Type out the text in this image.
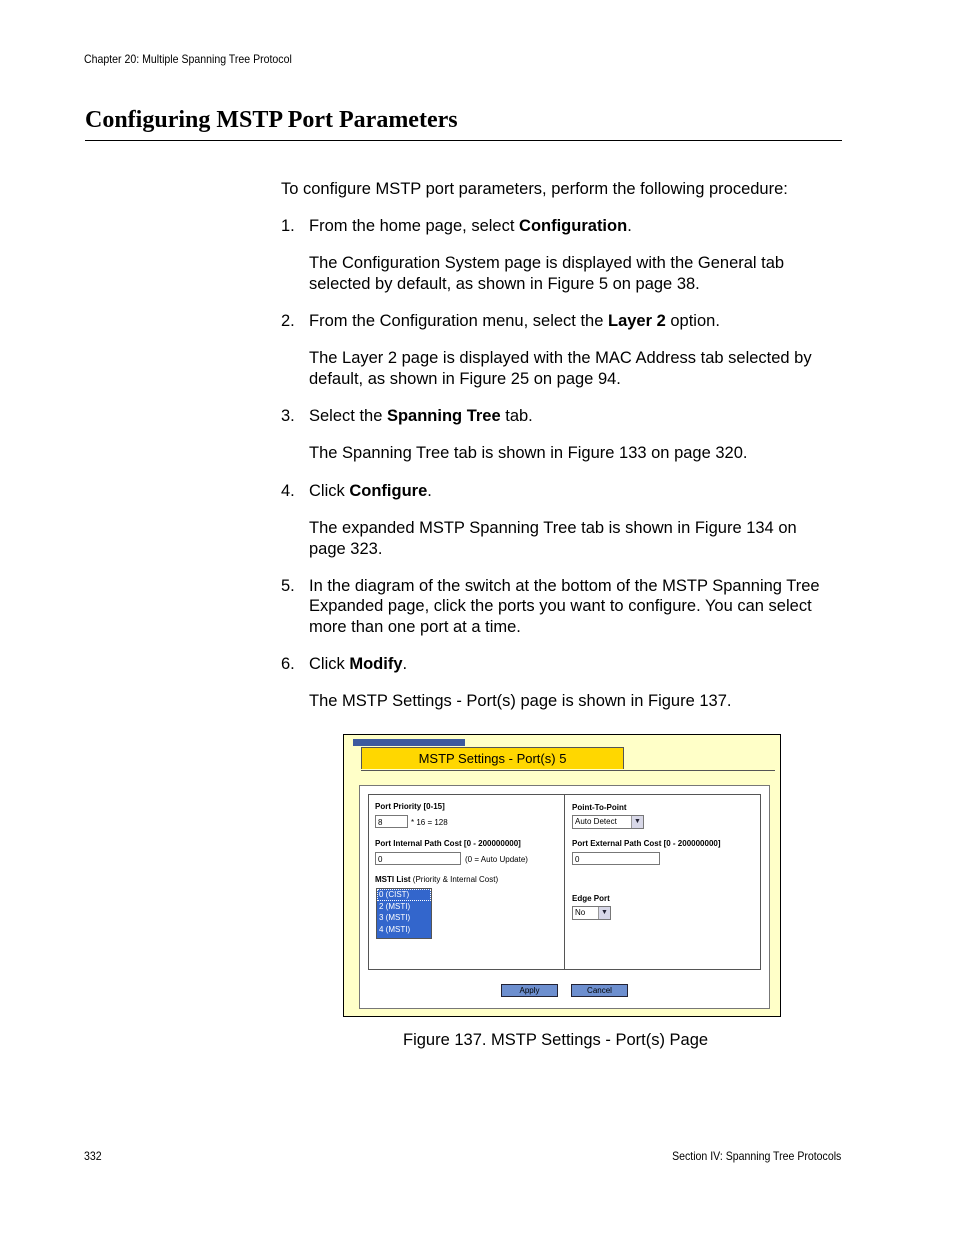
Chapter 20: Multiple Spanning Tree Protocol
Configuring MSTP Port Parameters
To configure MSTP port parameters, perform the following procedure:
1. From the home page, select Configuration.
The Configuration System page is displayed with the General tab
selected by default, as shown in Figure 5 on page 38.
2. From the Configuration menu, select the Layer 2 option.
The Layer 2 page is displayed with the MAC Address tab selected by
default, as shown in Figure 25 on page 94.
3. Select the Spanning Tree tab.
The Spanning Tree tab is shown in Figure 133 on page 320.
4. Click Configure.
The expanded MSTP Spanning Tree tab is shown in Figure 134 on
page 323.
5. In the diagram of the switch at the bottom of the MSTP Spanning Tree
Expanded page, click the ports you want to configure. You can select
more than one port at a time.
6. Click Modify.
The MSTP Settings - Port(s) page is shown in Figure 137.
MSTP Settings - Port(s) 5
Port Priority [0-15]
8	* 16 = 128
Port Internal Path Cost [0 - 200000000]
0	(0 = Auto Update)
MSTI List (Priority & Internal Cost)
0 (CIST)
2 (MSTI)
3 (MSTI)
4 (MSTI)
Point-To-Point
Auto Detect	▼
Port External Path Cost [0 - 200000000]
0
Edge Port
No	▼
Apply	Cancel
Figure 137. MSTP Settings - Port(s) Page
332	Section IV: Spanning Tree Protocols
